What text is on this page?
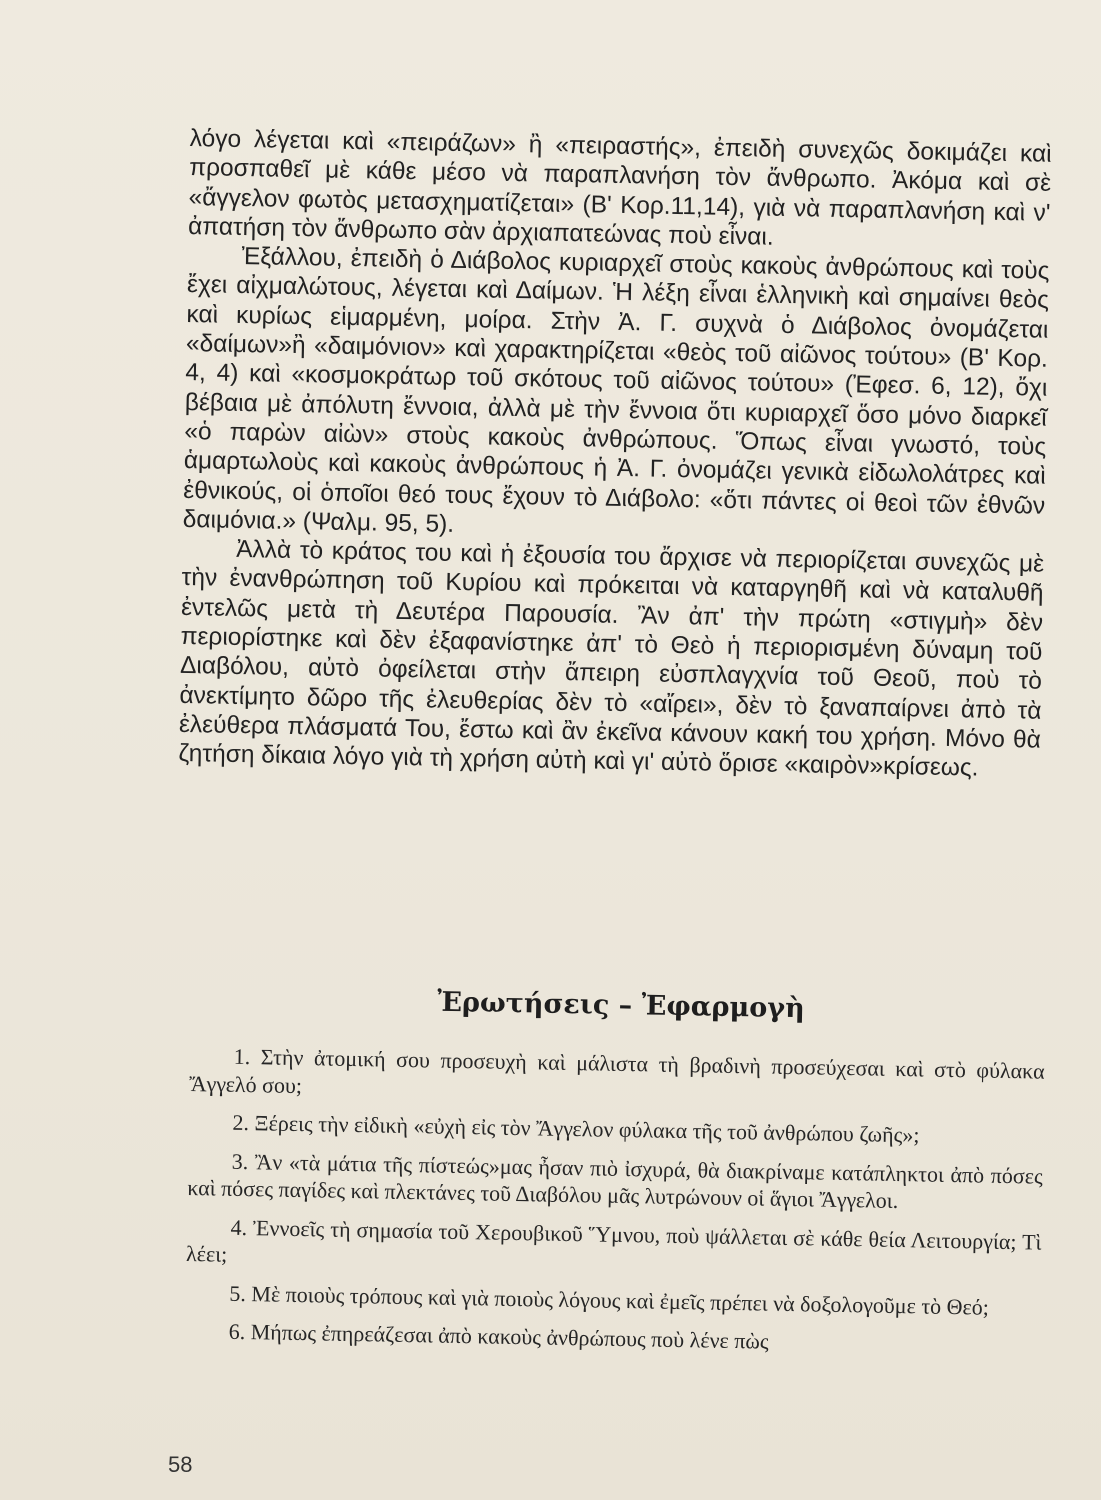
λόγο λέγεται καὶ «πειράζων» ἢ «πειραστής», ἐπειδὴ συνεχῶς δοκιμάζει καὶ προσπαθεῖ μὲ κάθε μέσο νὰ παραπλανήση τὸν ἄνθρωπο. Ἀκόμα καὶ σὲ «ἄγγελον φωτὸς μετασχηματίζεται» (Β' Κορ.11,14), γιὰ νὰ παραπλανήση καὶ ν' ἀπατήση τὸν ἄνθρωπο σὰν ἀρχιαπατεώνας ποὺ εἶναι.

Ἐξάλλου, ἐπειδὴ ὁ Διάβολος κυριαρχεῖ στοὺς κακοὺς ἀνθρώπους καὶ τοὺς ἔχει αἰχμαλώτους, λέγεται καὶ Δαίμων. Ἡ λέξη εἶναι ἑλληνικὴ καὶ σημαίνει θεὸς καὶ κυρίως εἱμαρμένη, μοίρα. Στὴν Ἀ. Γ. συχνὰ ὁ Διάβολος ὀνομάζεται «δαίμων»ἢ «δαιμόνιον» καὶ χαρακτηρίζεται «θεὸς τοῦ αἰῶνος τούτου» (Β' Κορ. 4, 4) καὶ «κοσμοκράτωρ τοῦ σκότους τοῦ αἰῶνος τούτου» (Ἐφεσ. 6, 12), ὄχι βέβαια μὲ ἀπόλυτη ἔννοια, ἀλλὰ μὲ τὴν ἔννοια ὅτι κυριαρχεῖ ὅσο μόνο διαρκεῖ «ὁ παρὼν αἰὼν» στοὺς κακοὺς ἀνθρώπους. Ὅπως εἶναι γνωστό, τοὺς ἁμαρτωλοὺς καὶ κακοὺς ἀνθρώπους ἡ Ἀ. Γ. ὀνομάζει γενικὰ εἰδωλολάτρες καὶ ἐθνικούς, οἱ ὁποῖοι θεό τους ἔχουν τὸ Διάβολο: «ὅτι πάντες οἱ θεοὶ τῶν ἐθνῶν δαιμόνια.» (Ψαλμ. 95, 5).

Ἀλλὰ τὸ κράτος του καὶ ἡ ἐξουσία του ἄρχισε νὰ περιορίζεται συνεχῶς μὲ τὴν ἐνανθρώπηση τοῦ Κυρίου καὶ πρόκειται νὰ καταργηθῆ καὶ νὰ καταλυθῆ ἐντελῶς μετὰ τὴ Δευτέρα Παρουσία. Ἂν ἀπ' τὴν πρώτη «στιγμὴ» δὲν περιορίστηκε καὶ δὲν ἐξαφανίστηκε ἀπ' τὸ Θεὸ ἡ περιορισμένη δύναμη τοῦ Διαβόλου, αὐτὸ ὀφείλεται στὴν ἄπειρη εὐσπλαγχνία τοῦ Θεοῦ, ποὺ τὸ ἀνεκτίμητο δῶρο τῆς ἐλευθερίας δὲν τὸ «αἴρει», δὲν τὸ ξαναπαίρνει ἀπὸ τὰ ἐλεύθερα πλάσματά Του, ἔστω καὶ ἂν ἐκεῖνα κάνουν κακή του χρήση. Μόνο θὰ ζητήση δίκαια λόγο γιὰ τὴ χρήση αὐτὴ καὶ γι' αὐτὸ ὅρισε «καιρὸν»κρίσεως.

Ἐρωτήσεις – Ἐφαρμογὴ

1. Στὴν ἀτομική σου προσευχὴ καὶ μάλιστα τὴ βραδινὴ προσεύχεσαι καὶ στὸ φύλακα Ἄγγελό σου;

2. Ξέρεις τὴν εἰδικὴ «εὐχὴ εἰς τὸν Ἄγγελον φύλακα τῆς τοῦ ἀνθρώπου ζωῆς»;

3. Ἂν «τὰ μάτια τῆς πίστεώς»μας ἦσαν πιὸ ἰσχυρά, θὰ διακρίναμε κατάπληκτοι ἀπὸ πόσες καὶ πόσες παγίδες καὶ πλεκτάνες τοῦ Διαβόλου μᾶς λυτρώνουν οἱ ἅγιοι Ἄγγελοι.

4. Ἐννοεῖς τὴ σημασία τοῦ Χερουβικοῦ Ὕμνου, ποὺ ψάλλεται σὲ κάθε θεία Λειτουργία; Τὶ λέει;

5. Μὲ ποιοὺς τρόπους καὶ γιὰ ποιοὺς λόγους καὶ ἐμεῖς πρέπει νὰ δοξολογοῦμε τὸ Θεό;

6. Μήπως ἐπηρεάζεσαι ἀπὸ κακοὺς ἀνθρώπους ποὺ λένε πὼς

58
